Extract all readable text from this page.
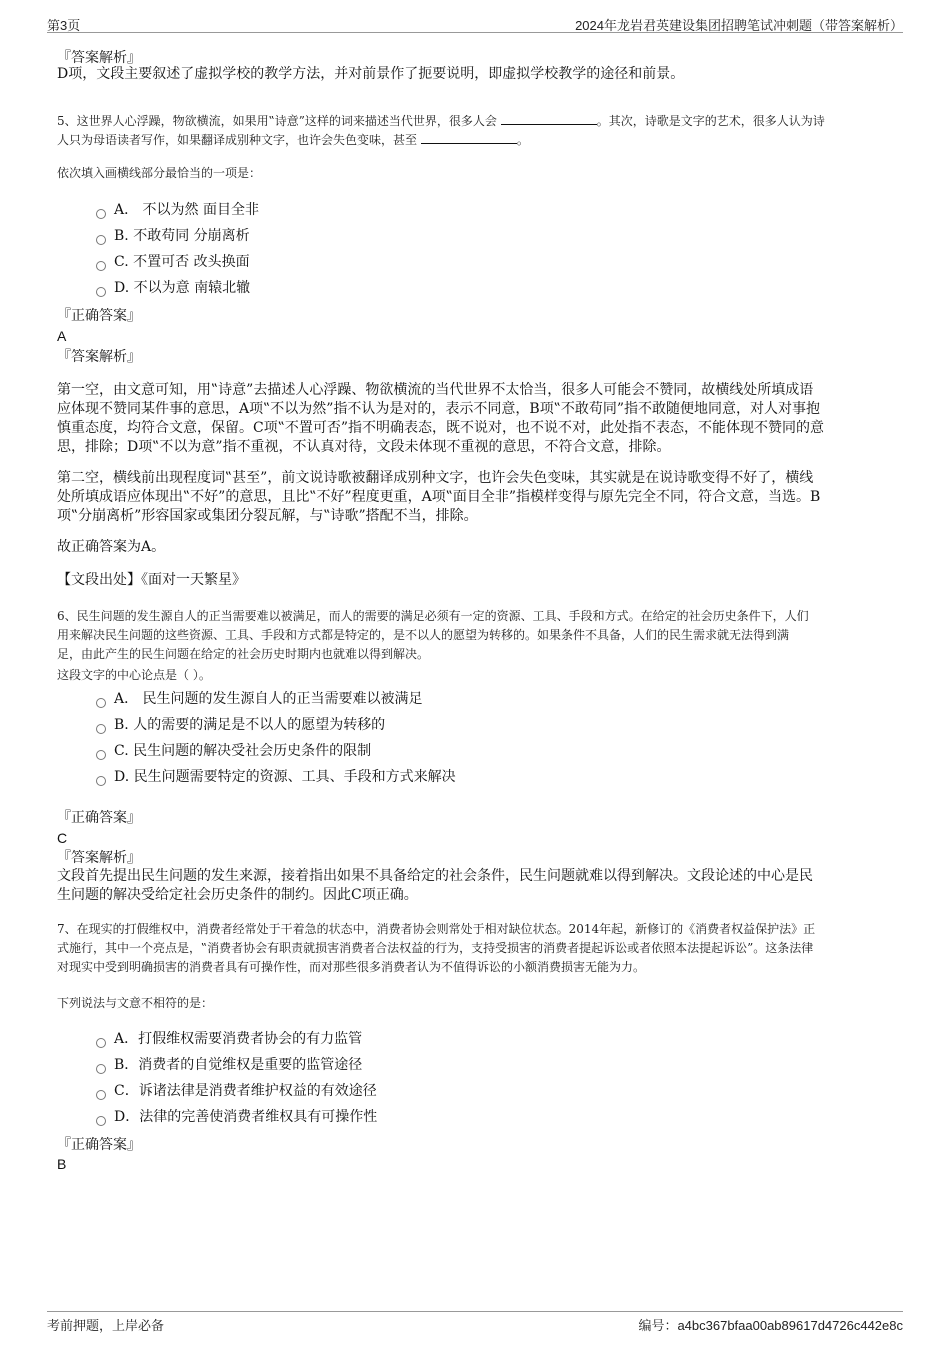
第3页	2024年龙岩君英建设集团招聘笔试冲刺题（带答案解析）
『答案解析』
D项，文段主要叙述了虚拟学校的教学方法，并对前景作了扼要说明，即虚拟学校教学的途径和前景。
5、这世界人心浮躁，物欲横流，如果用‟诗意”这样的词来描述当代世界，很多人会	。其次，诗歌是文字的艺术，很多人认为诗
人只为母语读者写作，如果翻译成别种文字，也许会失色变味，甚至	。
依次填入画横线部分最恰当的一项是：
A． 不以为然 面目全非
B. 不敢苟同 分崩离析
C. 不置可否 改头换面
D. 不以为意 南辕北辙
『正确答案』
A
『答案解析』
第一空，由文意可知，用‟诗意”去描述人心浮躁、物欲横流的当代世界不太恰当，很多人可能会不赞同，故横线处所填成语
应体现不赞同某件事的意思，A项‟不以为然”指不认为是对的，表示不同意，B项‟不敢苟同”指不敢随便地同意，对人对事抱
慎重态度，均符合文意，保留。C项‟不置可否”指不明确表态，既不说对，也不说不对，此处指不表态，不能体现不赞同的意
思，排除；D项‟不以为意”指不重视，不认真对待，文段未体现不重视的意思，不符合文意，排除。
第二空，横线前出现程度词‟甚至”，前文说诗歌被翻译成别种文字，也许会失色变味，其实就是在说诗歌变得不好了，横线
处所填成语应体现出‟不好”的意思，且比‟不好”程度更重，A项‟面目全非”指模样变得与原先完全不同，符合文意，当选。B
项‟分崩离析”形容国家或集团分裂瓦解，与‟诗歌”搭配不当，排除。
故正确答案为A。
【文段出处】《面对一天繁星》
6、民生问题的发生源自人的正当需要难以被满足，而人的需要的满足必须有一定的资源、工具、手段和方式。在给定的社会历史条件下，人们
用来解决民生问题的这些资源、工具、手段和方式都是特定的，是不以人的愿望为转移的。如果条件不具备，人们的民生需求就无法得到满
足，由此产生的民生问题在给定的社会历史时期内也就难以得到解决。
这段文字的中心论点是（ ）。
A． 民生问题的发生源自人的正当需要难以被满足
B. 人的需要的满足是不以人的愿望为转移的
C. 民生问题的解决受社会历史条件的限制
D. 民生问题需要特定的资源、工具、手段和方式来解决
『正确答案』
C
『答案解析』
文段首先提出民生问题的发生来源，接着指出如果不具备给定的社会条件，民生问题就难以得到解决。文段论述的中心是民
生问题的解决受给定社会历史条件的制约。因此C项正确。
7、在现实的打假维权中，消费者经常处于干着急的状态中，消费者协会则常处于相对缺位状态。2014年起，新修订的《消费者权益保护法》正
式施行，其中一个亮点是，‟消费者协会有职责就损害消费者合法权益的行为，支持受损害的消费者提起诉讼或者依照本法提起诉讼”。这条法律
对现实中受到明确损害的消费者具有可操作性，而对那些很多消费者认为不值得诉讼的小额消费损害无能为力。
下列说法与文意不相符的是：
A．打假维权需要消费者协会的有力监管
B．消费者的自觉维权是重要的监管途径
C．诉诸法律是消费者维护权益的有效途径
D．法律的完善使消费者维权具有可操作性
『正确答案』
B
考前押题，上岸必备	编号：a4bc367bfaa00ab89617d4726c442e8c
